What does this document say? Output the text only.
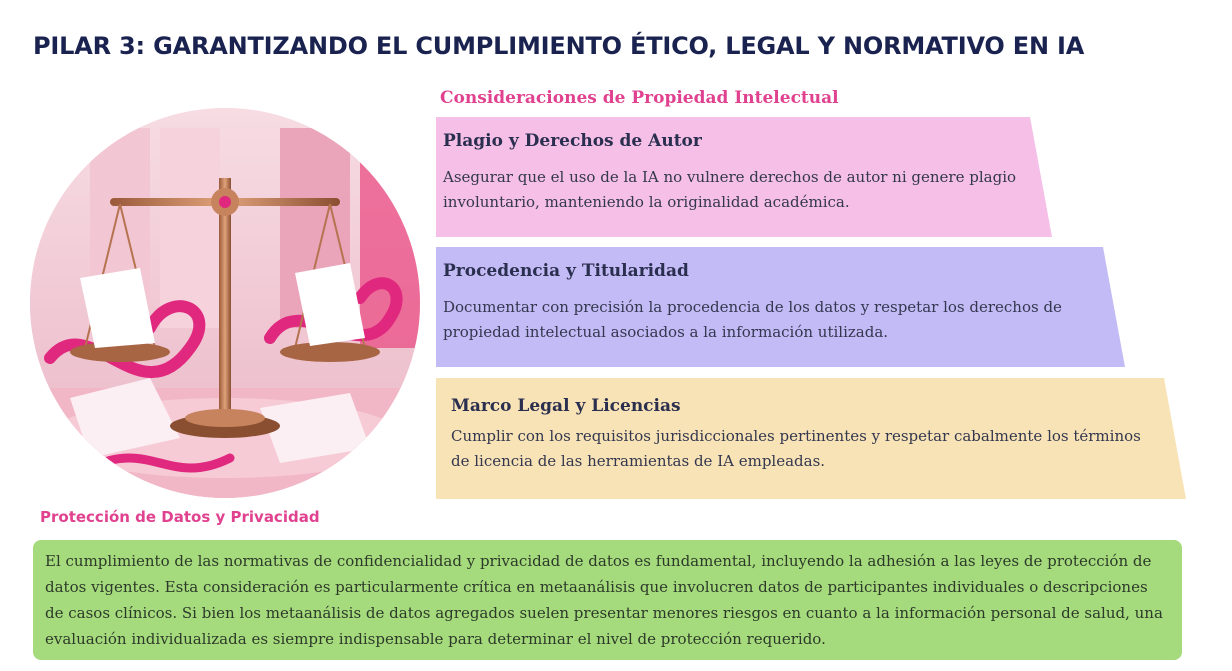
PILAR 3: GARANTIZANDO EL CUMPLIMIENTO ÉTICO, LEGAL Y NORMATIVO EN IA
Consideraciones de Propiedad Intelectual
Plagio y Derechos de Autor

Asegurar que el uso de la IA no vulnere derechos de autor ni genere plagio involuntario, manteniendo la originalidad académica.

Procedencia y Titularidad

Documentar con precisión la procedencia de los datos y respetar los derechos de propiedad intelectual asociados a la información utilizada.

Marco Legal y Licencias

Cumplir con los requisitos jurisdiccionales pertinentes y respetar cabalmente los términos de licencia de las herramientas de IA empleadas.

Protección de Datos y Privacidad

El cumplimiento de las normativas de confidencialidad y privacidad de datos es fundamental, incluyendo la adhesión a las leyes de protección de datos vigentes. Esta consideración es particularmente crítica en metaanálisis que involucren datos de participantes individuales o descripciones de casos clínicos. Si bien los metaanálisis de datos agregados suelen presentar menores riesgos en cuanto a la información personal de salud, una evaluación individualizada es siempre indispensable para determinar el nivel de protección requerido.
